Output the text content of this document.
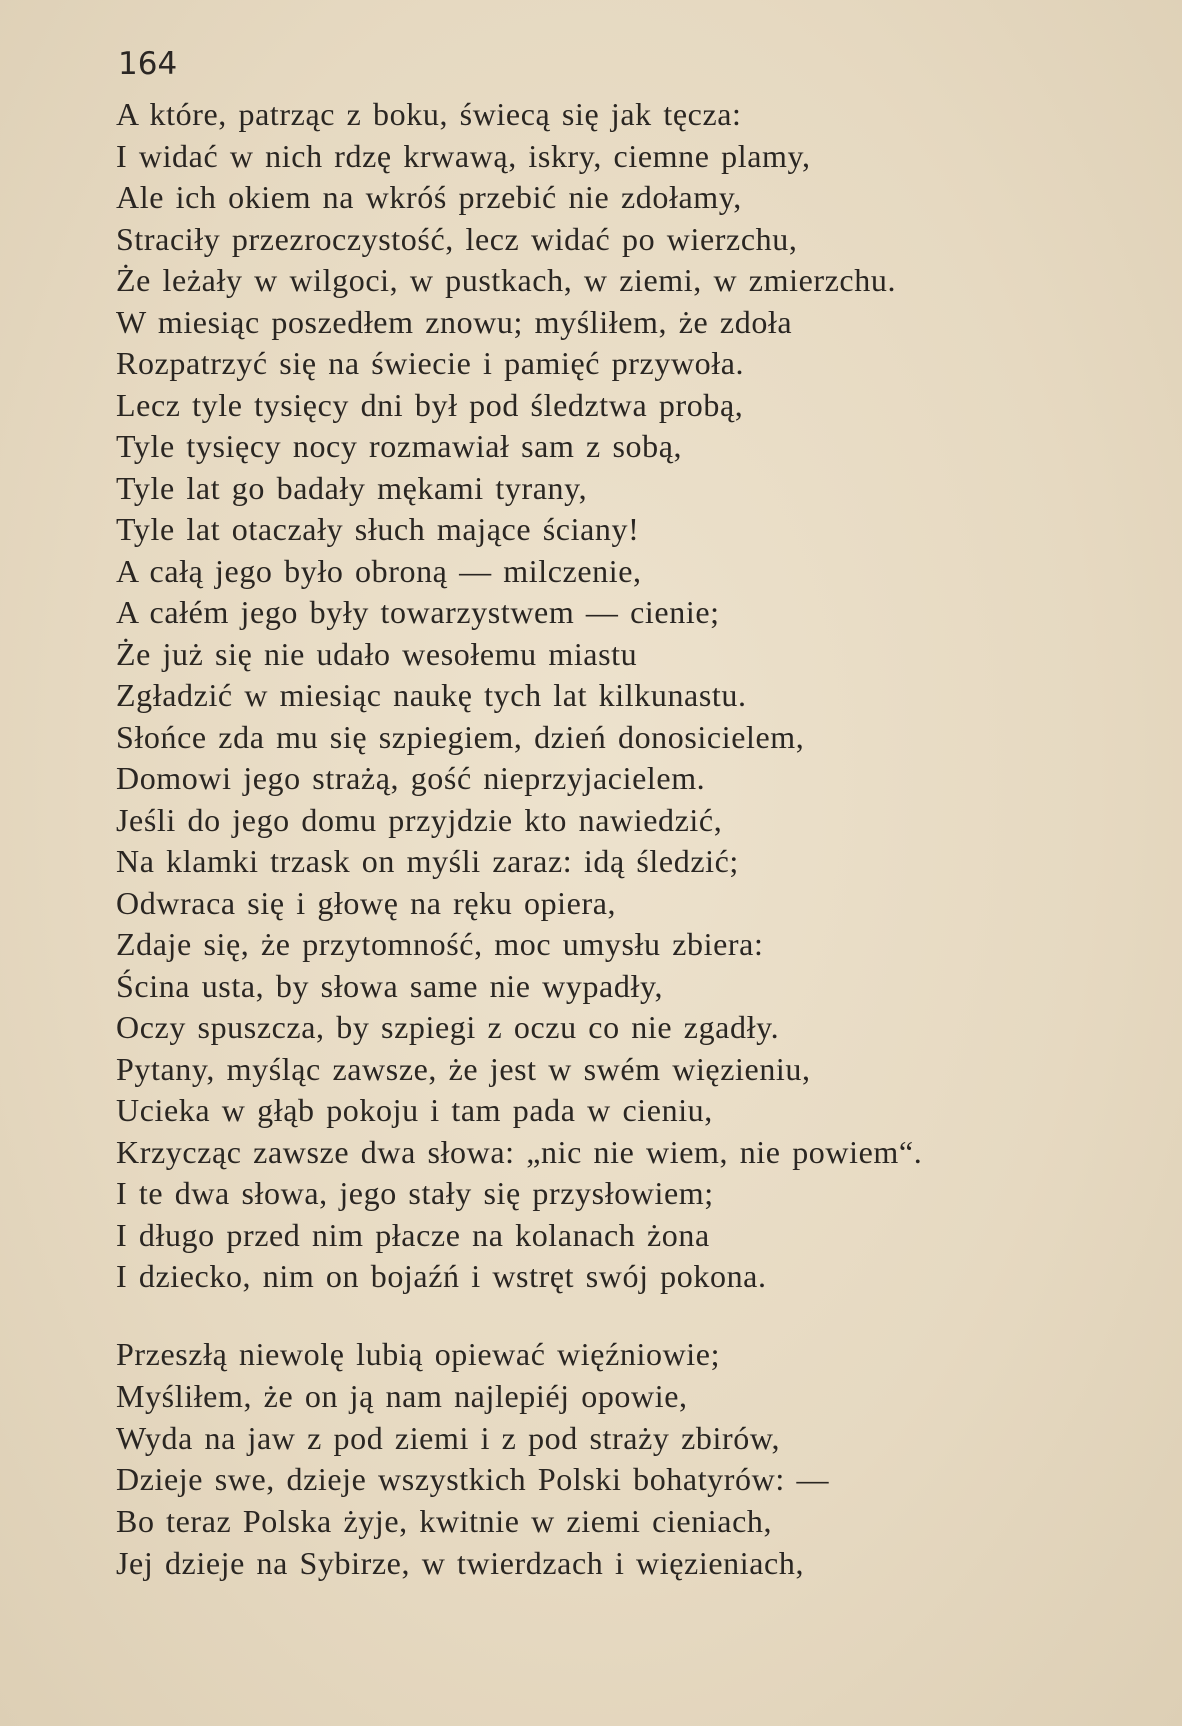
164
A które, patrząc z boku, świecą się jak tęcza:
I widać w nich rdzę krwawą, iskry, ciemne plamy,
Ale ich okiem na wkróś przebić nie zdołamy,
Straciły przezroczystość, lecz widać po wierzchu,
Że leżały w wilgoci, w pustkach, w ziemi, w zmierzchu.
W miesiąc poszedłem znowu; myśliłem, że zdoła
Rozpatrzyć się na świecie i pamięć przywoła.
Lecz tyle tysięcy dni był pod śledztwa probą,
Tyle tysięcy nocy rozmawiał sam z sobą,
Tyle lat go badały mękami tyrany,
Tyle lat otaczały słuch mające ściany!
A całą jego było obroną — milczenie,
A całém jego były towarzystwem — cienie;
Że już się nie udało wesołemu miastu
Zgładzić w miesiąc naukę tych lat kilkunastu.
Słońce zda mu się szpiegiem, dzień donosicielem,
Domowi jego strażą, gość nieprzyjacielem.
Jeśli do jego domu przyjdzie kto nawiedzić,
Na klamki trzask on myśli zaraz: idą śledzić;
Odwraca się i głowę na ręku opiera,
Zdaje się, że przytomność, moc umysłu zbiera:
Ścina usta, by słowa same nie wypadły,
Oczy spuszcza, by szpiegi z oczu co nie zgadły.
Pytany, myśląc zawsze, że jest w swém więzieniu,
Ucieka w głąb pokoju i tam pada w cieniu,
Krzycząc zawsze dwa słowa: „nic nie wiem, nie powiem“.
I te dwa słowa, jego stały się przysłowiem;
I długo przed nim płacze na kolanach żona
I dziecko, nim on bojaźń i wstręt swój pokona.
Przeszłą niewolę lubią opiewać więźniowie;
Myśliłem, że on ją nam najlepiéj opowie,
Wyda na jaw z pod ziemi i z pod straży zbirów,
Dzieje swe, dzieje wszystkich Polski bohatyrów: —
Bo teraz Polska żyje, kwitnie w ziemi cieniach,
Jej dzieje na Sybirze, w twierdzach i więzieniach,
